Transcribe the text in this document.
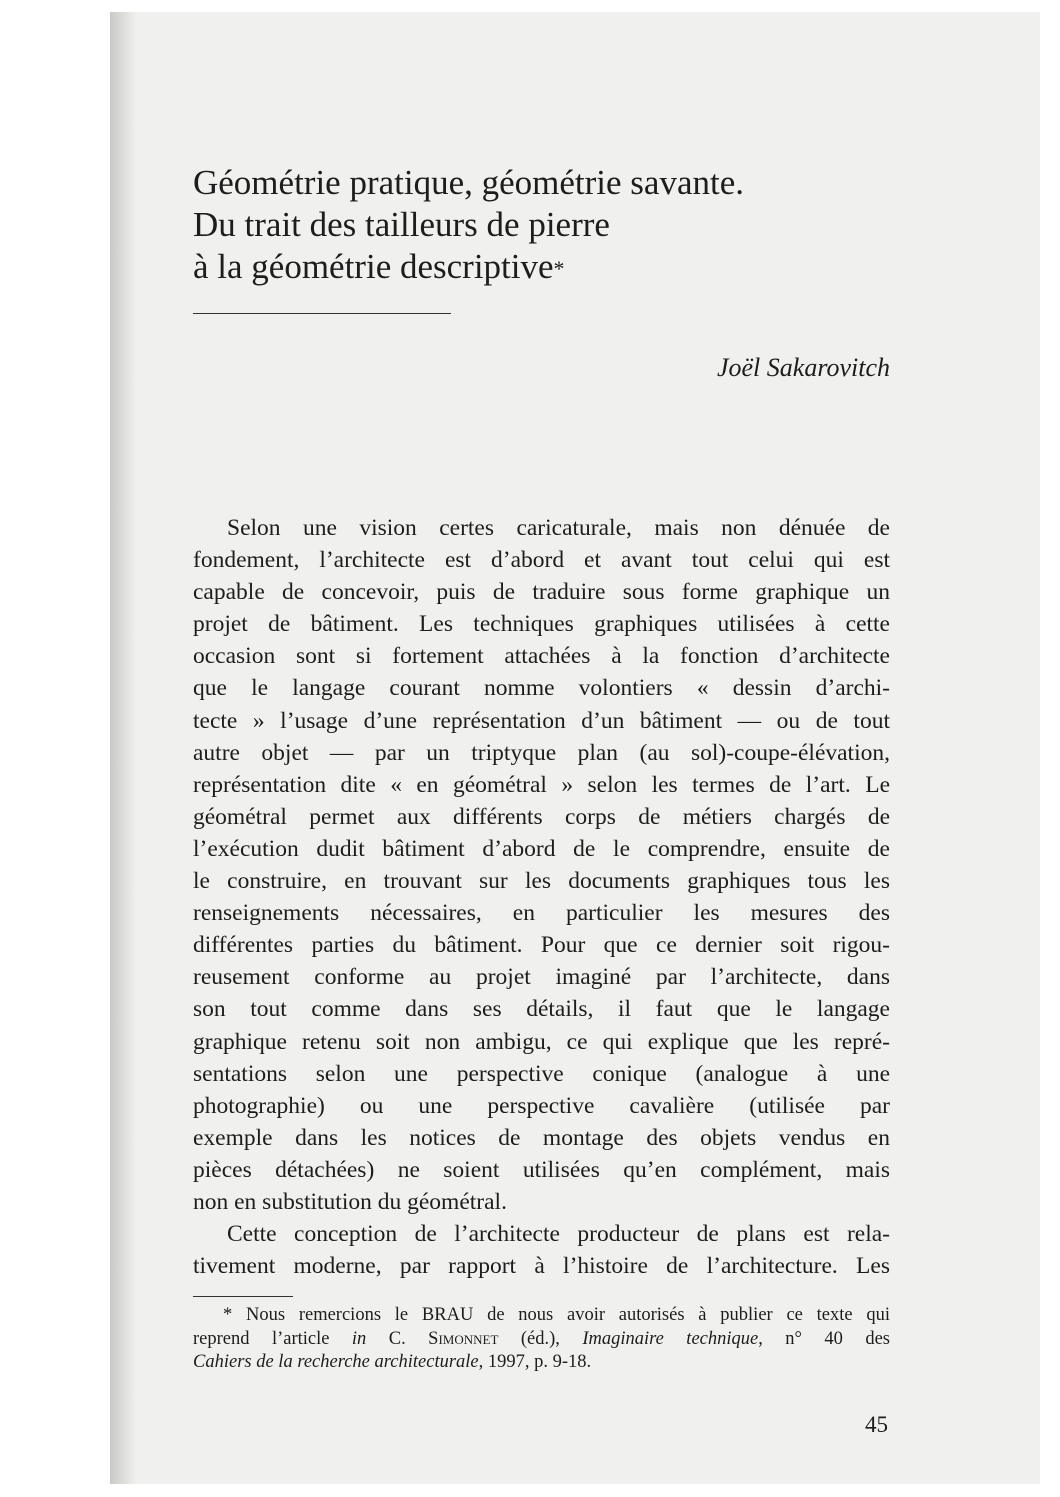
Géométrie pratique, géométrie savante.
Du trait des tailleurs de pierre
à la géométrie descriptive*
Joël Sakarovitch
Selon une vision certes caricaturale, mais non dénuée de
fondement, l’architecte est d’abord et avant tout celui qui est
capable de concevoir, puis de traduire sous forme graphique un
projet de bâtiment. Les techniques graphiques utilisées à cette
occasion sont si fortement attachées à la fonction d’architecte
que le langage courant nomme volontiers « dessin d’archi-
tecte » l’usage d’une représentation d’un bâtiment — ou de tout
autre objet — par un triptyque plan (au sol)-coupe-élévation,
représentation dite « en géométral » selon les termes de l’art. Le
géométral permet aux différents corps de métiers chargés de
l’exécution dudit bâtiment d’abord de le comprendre, ensuite de
le construire, en trouvant sur les documents graphiques tous les
renseignements nécessaires, en particulier les mesures des
différentes parties du bâtiment. Pour que ce dernier soit rigou-
reusement conforme au projet imaginé par l’architecte, dans
son tout comme dans ses détails, il faut que le langage
graphique retenu soit non ambigu, ce qui explique que les repré-
sentations selon une perspective conique (analogue à une
photographie) ou une perspective cavalière (utilisée par
exemple dans les notices de montage des objets vendus en
pièces détachées) ne soient utilisées qu’en complément, mais
non en substitution du géométral.
Cette conception de l’architecte producteur de plans est rela-
tivement moderne, par rapport à l’histoire de l’architecture. Les
* Nous remercions le BRAU de nous avoir autorisés à publier ce texte qui
reprend l’article in C. Simonnet (éd.), Imaginaire technique, n° 40 des
Cahiers de la recherche architecturale, 1997, p. 9-18.
45
